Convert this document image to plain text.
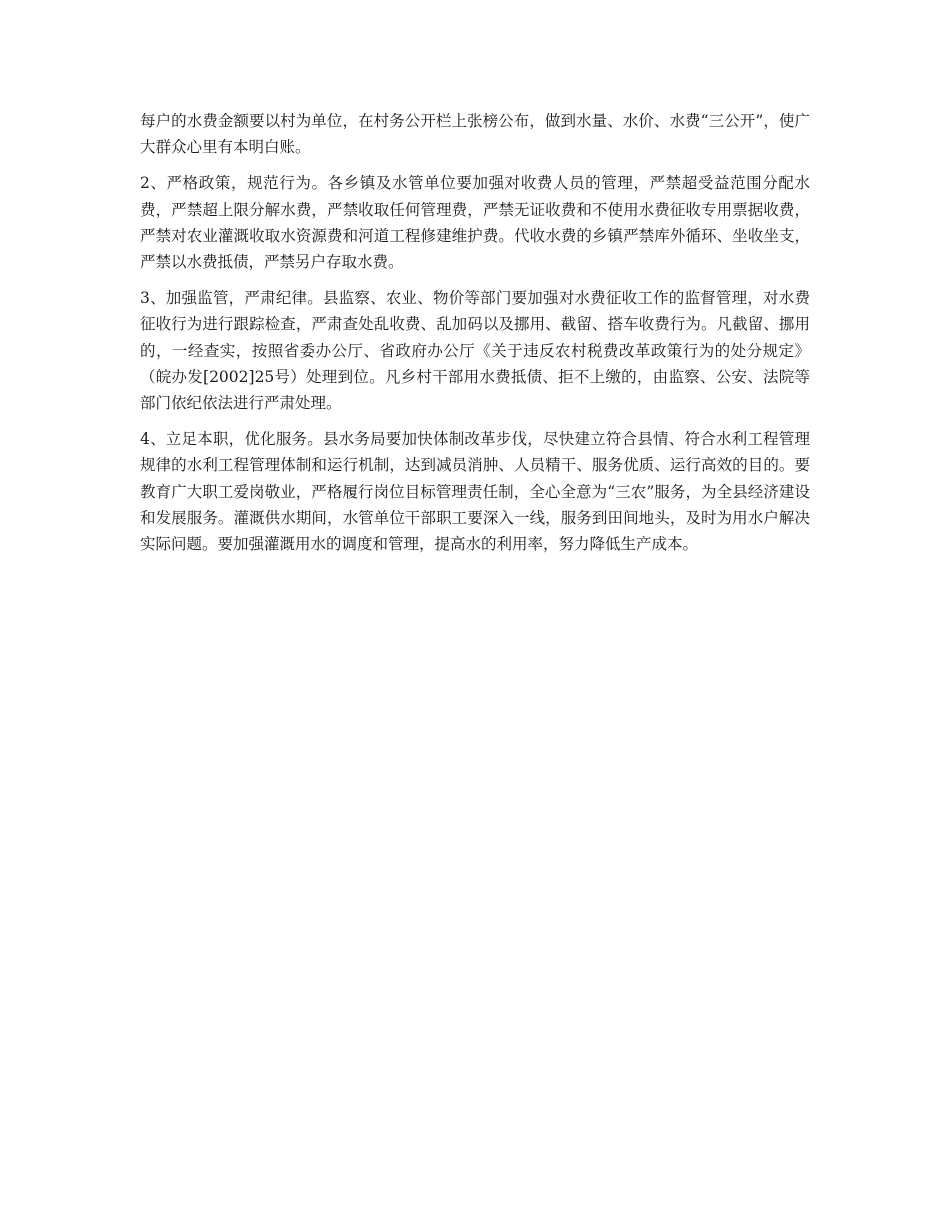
每户的水费金额要以村为单位，在村务公开栏上张榜公布，做到水量、水价、水费“三公开”，使广大群众心里有本明白账。

2、严格政策，规范行为。各乡镇及水管单位要加强对收费人员的管理，严禁超受益范围分配水费，严禁超上限分解水费，严禁收取任何管理费，严禁无证收费和不使用水费征收专用票据收费，严禁对农业灌溉收取水资源费和河道工程修建维护费。代收水费的乡镇严禁库外循环、坐收坐支，严禁以水费抵债，严禁另户存取水费。

3、加强监管，严肃纪律。县监察、农业、物价等部门要加强对水费征收工作的监督管理，对水费征收行为进行跟踪检查，严肃查处乱收费、乱加码以及挪用、截留、搭车收费行为。凡截留、挪用的，一经查实，按照省委办公厅、省政府办公厅《关于违反农村税费改革政策行为的处分规定》（皖办发[2002]25号）处理到位。凡乡村干部用水费抵债、拒不上缴的，由监察、公安、法院等部门依纪依法进行严肃处理。

4、立足本职，优化服务。县水务局要加快体制改革步伐，尽快建立符合县情、符合水利工程管理规律的水利工程管理体制和运行机制，达到减员消肿、人员精干、服务优质、运行高效的目的。要教育广大职工爱岗敬业，严格履行岗位目标管理责任制，全心全意为“三农”服务，为全县经济建设和发展服务。灌溉供水期间，水管单位干部职工要深入一线，服务到田间地头，及时为用水户解决实际问题。要加强灌溉用水的调度和管理，提高水的利用率，努力降低生产成本。
